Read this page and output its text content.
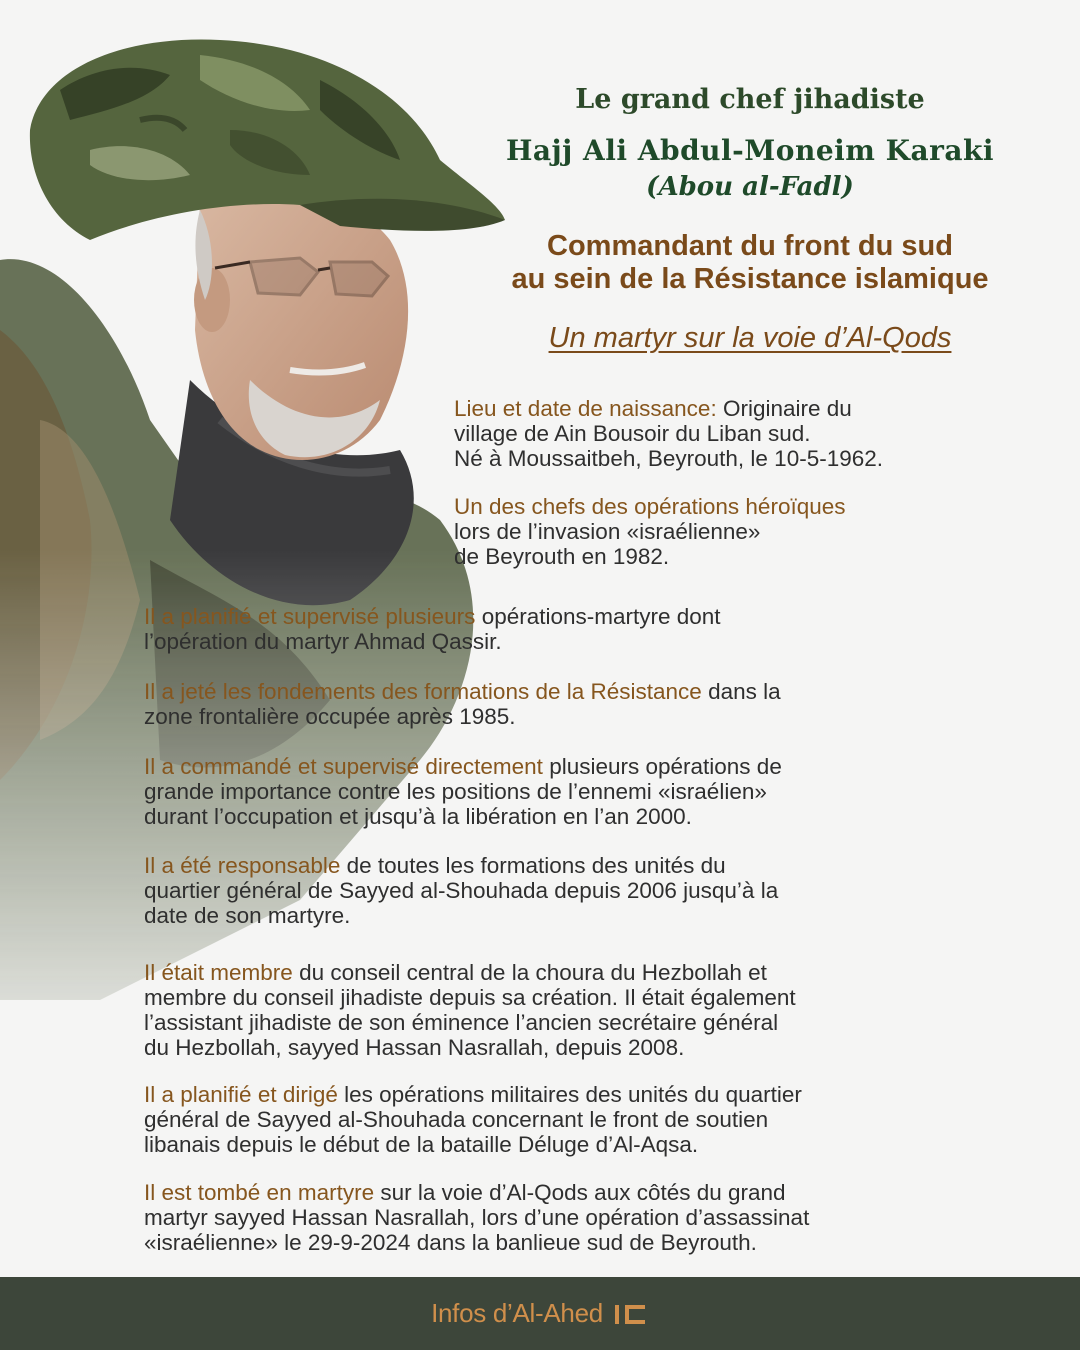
Le grand chef jihadiste
Hajj Ali Abdul-Moneim Karaki
(Abou al-Fadl)
Commandant du front du sud
au sein de la Résistance islamique
Un martyr sur la voie d’Al-Qods
Lieu et date de naissance: Originaire du
village de Ain Bousoir du Liban sud.
Né à Moussaitbeh, Beyrouth, le 10-5-1962.
Un des chefs des opérations héroïques
lors de l’invasion «israélienne»
de Beyrouth en 1982.
Il a planifié et supervisé plusieurs opérations-martyre dont
l’opération du martyr Ahmad Qassir.
Il a jeté les fondements des formations de la Résistance dans la
zone frontalière occupée après 1985.
Il a commandé et supervisé directement plusieurs opérations de
grande importance contre les positions de l’ennemi «israélien»
durant l’occupation et jusqu’à la libération en l’an 2000.
Il a été responsable de toutes les formations des unités du
quartier général de Sayyed al-Shouhada depuis 2006 jusqu’à la
date de son martyre.
Il était membre du conseil central de la choura du Hezbollah et
membre du conseil jihadiste depuis sa création. Il était également
l’assistant jihadiste de son éminence l’ancien secrétaire général
du Hezbollah, sayyed Hassan Nasrallah, depuis 2008.
Il a planifié et dirigé les opérations militaires des unités du quartier
général de Sayyed al-Shouhada concernant le front de soutien
libanais depuis le début de la bataille Déluge d’Al-Aqsa.
Il est tombé en martyre sur la voie d’Al-Qods aux côtés du grand
martyr sayyed Hassan Nasrallah, lors d’une opération d’assassinat
«israélienne» le 29-9-2024 dans la banlieue sud de Beyrouth.
Infos d’Al-Ahed
